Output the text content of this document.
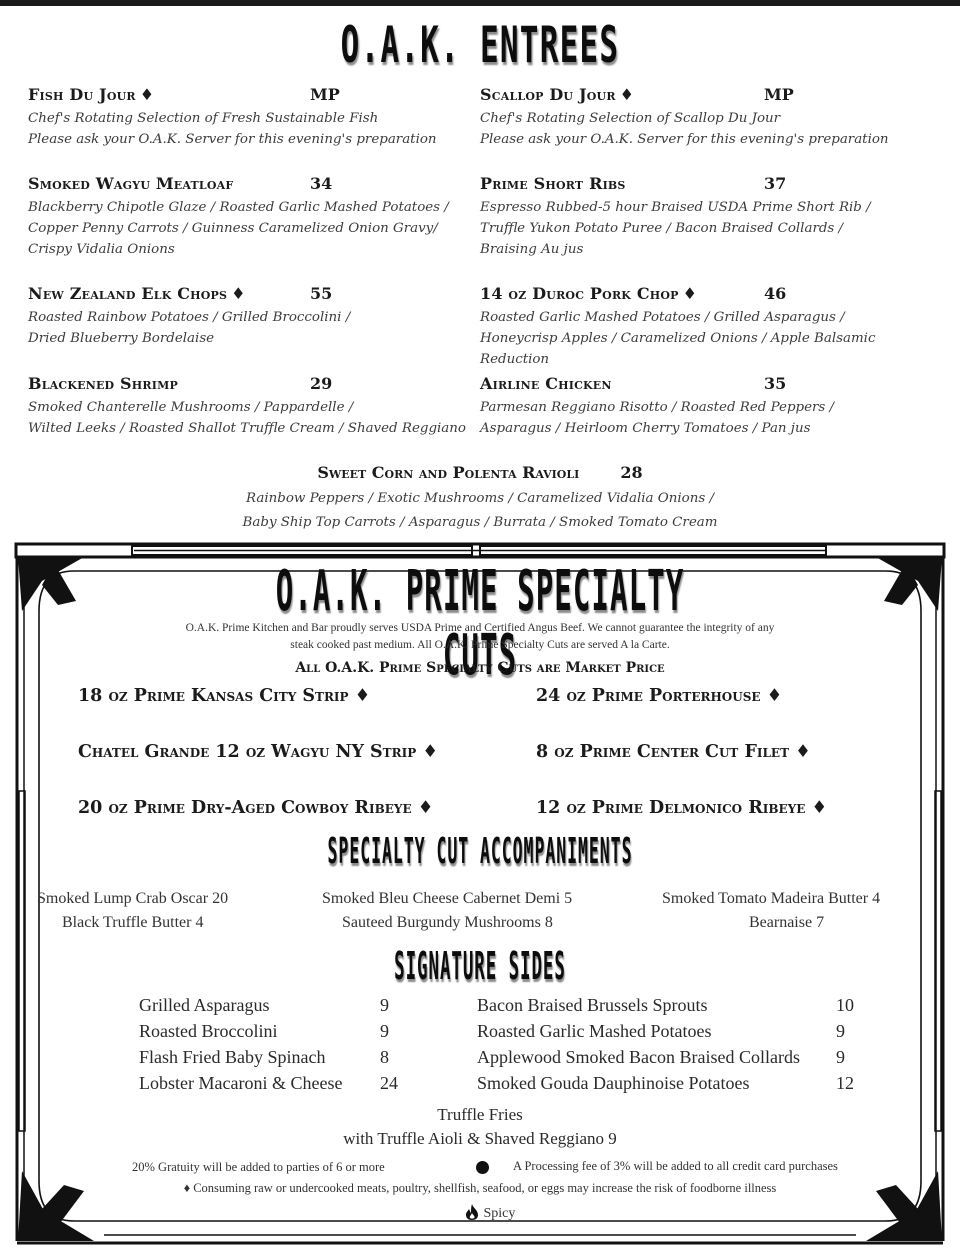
O.A.K. ENTREES
Fish Du Jour ♦	MP
Chef's Rotating Selection of Fresh Sustainable Fish
Please ask your O.A.K. Server for this evening's preparation
Scallop Du Jour ♦	MP
Chef's Rotating Selection of Scallop Du Jour
Please ask your O.A.K. Server for this evening's preparation
Smoked Wagyu Meatloaf	34
Blackberry Chipotle Glaze / Roasted Garlic Mashed Potatoes /
Copper Penny Carrots / Guinness Caramelized Onion Gravy/
Crispy Vidalia Onions
Prime Short Ribs	37
Espresso Rubbed-5 hour Braised USDA Prime Short Rib /
Truffle Yukon Potato Puree / Bacon Braised Collards /
Braising Au jus
New Zealand Elk Chops ♦	55
Roasted Rainbow Potatoes / Grilled Broccolini /
Dried Blueberry Bordelaise
14 oz Duroc Pork Chop ♦	46
Roasted Garlic Mashed Potatoes / Grilled Asparagus /
Honeycrisp Apples / Caramelized Onions / Apple Balsamic Reduction
Blackened Shrimp	29
Smoked Chanterelle Mushrooms / Pappardelle /
Wilted Leeks / Roasted Shallot Truffle Cream / Shaved Reggiano
Airline Chicken	35
Parmesan Reggiano Risotto / Roasted Red Peppers /
Asparagus / Heirloom Cherry Tomatoes / Pan jus
Sweet Corn and Polenta Ravioli	28
Rainbow Peppers / Exotic Mushrooms / Caramelized Vidalia Onions /
Baby Ship Top Carrots / Asparagus / Burrata / Smoked Tomato Cream
O.A.K. PRIME SPECIALTY CUTS
O.A.K. Prime Kitchen and Bar proudly serves USDA Prime and Certified Angus Beef. We cannot guarantee the integrity of any
steak cooked past medium. All O.A.K. Prime Specialty Cuts are served A la Carte.
All O.A.K. Prime Specialty Cuts are Market Price
18 oz Prime Kansas City Strip ♦	24 oz Prime Porterhouse ♦
Chatel Grande 12 oz Wagyu NY Strip ♦	8 oz Prime Center Cut Filet ♦
20 oz Prime Dry-Aged Cowboy Ribeye ♦	12 oz Prime Delmonico Ribeye ♦
SPECIALTY CUT ACCOMPANIMENTS
Smoked Lump Crab Oscar 20	Smoked Bleu Cheese Cabernet Demi 5	Smoked Tomato Madeira Butter 4
Black Truffle Butter 4	Sauteed Burgundy Mushrooms 8	Bearnaise 7
SIGNATURE SIDES
Grilled Asparagus	9
Roasted Broccolini	9
Flash Fried Baby Spinach	8
Lobster Macaroni & Cheese 24
Bacon Braised Brussels Sprouts	10
Roasted Garlic Mashed Potatoes	9
Applewood Smoked Bacon Braised Collards 9
Smoked Gouda Dauphinoise Potatoes	12
Truffle Fries
with Truffle Aioli & Shaved Reggiano 9
20% Gratuity will be added to parties of 6 or more	A Processing fee of 3% will be added to all credit card purchases
♦ Consuming raw or undercooked meats, poultry, shellfish, seafood, or eggs may increase the risk of foodborne illness
Spicy
